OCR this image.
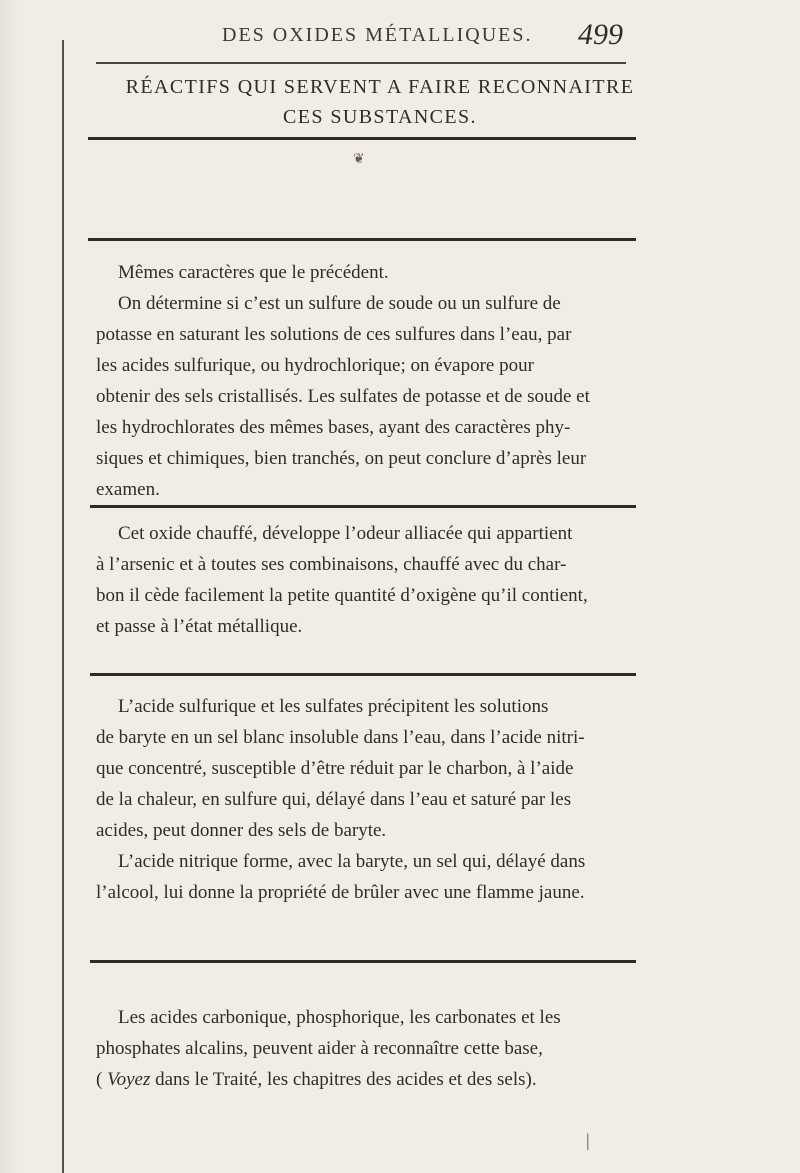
DES OXIDES MÉTALLIQUES. 499
RÉACTIFS QUI SERVENT A FAIRE RECONNAITRE
CES SUBSTANCES.
❦
Mêmes caractères que le précédent.
On détermine si c’est un sulfure de soude ou un sulfure de
potasse en saturant les solutions de ces sulfures dans l’eau, par
les acides sulfurique, ou hydrochlorique; on évapore pour
obtenir des sels cristallisés. Les sulfates de potasse et de soude et
les hydrochlorates des mêmes bases, ayant des caractères phy-
siques et chimiques, bien tranchés, on peut conclure d’après leur
examen.
Cet oxide chauffé, développe l’odeur alliacée qui appartient
à l’arsenic et à toutes ses combinaisons, chauffé avec du char-
bon il cède facilement la petite quantité d’oxigène qu’il contient,
et passe à l’état métallique.
L’acide sulfurique et les sulfates précipitent les solutions
de baryte en un sel blanc insoluble dans l’eau, dans l’acide nitri-
que concentré, susceptible d’être réduit par le charbon, à l’aide
de la chaleur, en sulfure qui, délayé dans l’eau et saturé par les
acides, peut donner des sels de baryte.
L’acide nitrique forme, avec la baryte, un sel qui, délayé dans
l’alcool, lui donne la propriété de brûler avec une flamme jaune.
Les acides carbonique, phosphorique, les carbonates et les
phosphates alcalins, peuvent aider à reconnaître cette base,
( Voyez dans le Traité, les chapitres des acides et des sels).
|
